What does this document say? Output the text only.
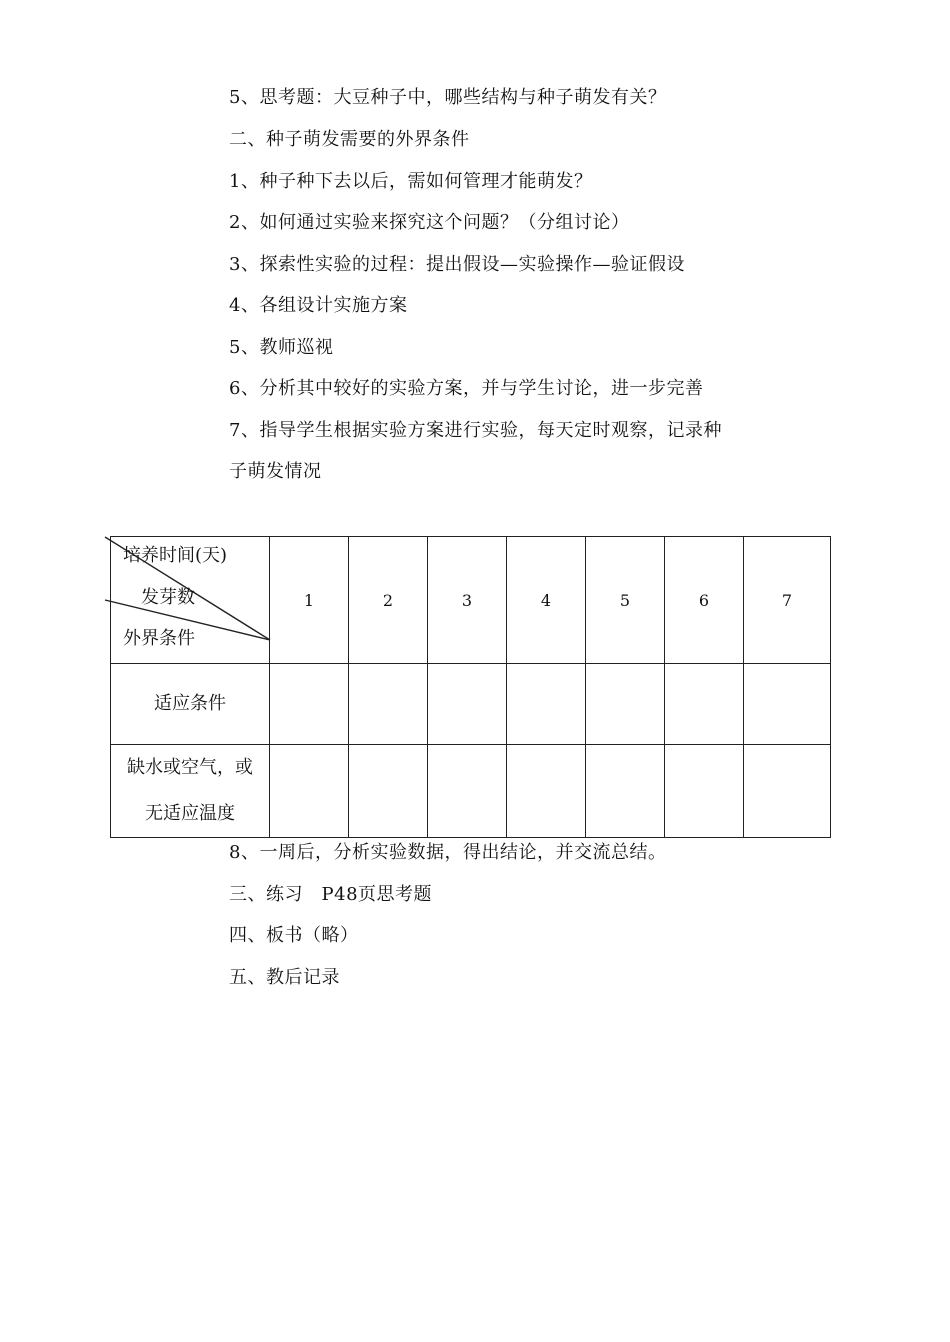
5、思考题：大豆种子中，哪些结构与种子萌发有关？
二、种子萌发需要的外界条件
1、种子种下去以后，需如何管理才能萌发？
2、如何通过实验来探究这个问题？（分组讨论）
3、探索性实验的过程：提出假设—实验操作—验证假设
4、各组设计实施方案
5、教师巡视
6、分析其中较好的实验方案，并与学生讨论，进一步完善
7、指导学生根据实验方案进行实验，每天定时观察，记录种
子萌发情况
培养时间(天)
发芽数
外界条件	1	2	3	4	5	6	7

适应条件							

缺水或空气，或
无适应温度							

8、一周后，分析实验数据，得出结论，并交流总结。
三、练习　P48页思考题
四、板书（略）
五、教后记录
